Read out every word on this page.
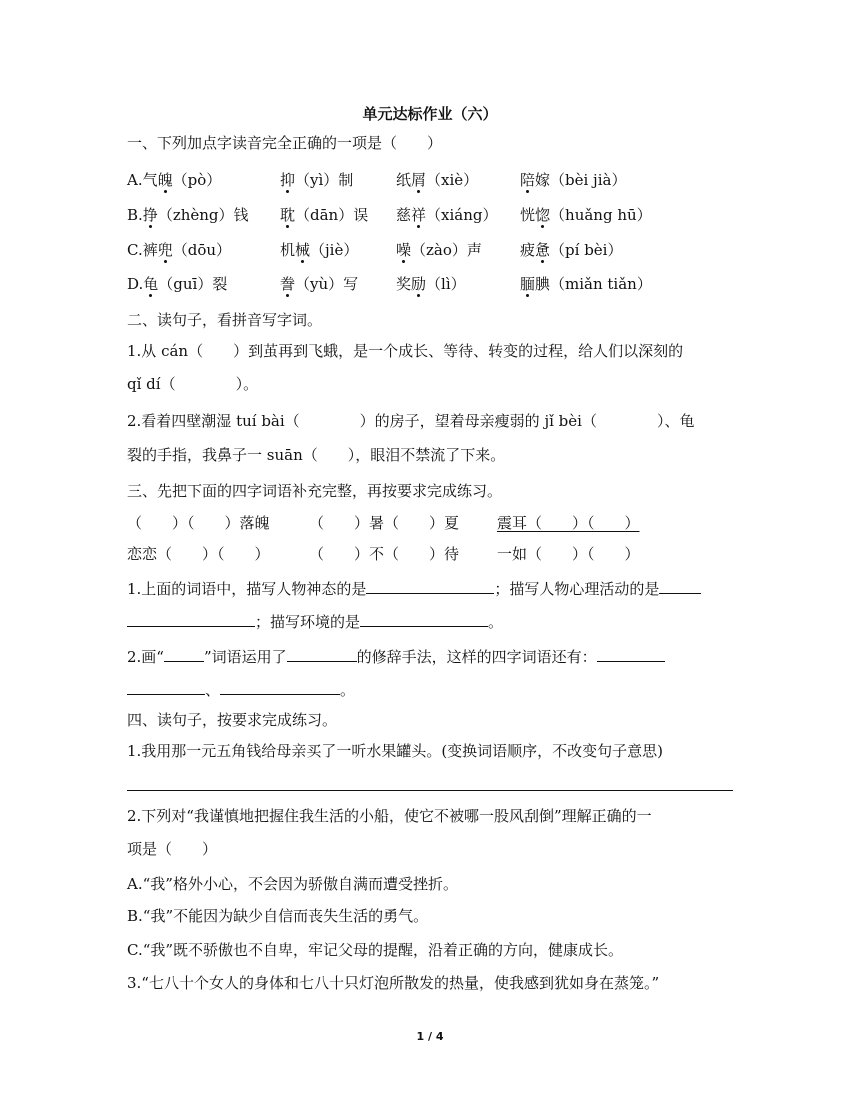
单元达标作业（六）
一、下列加点字读音完全正确的一项是（　　）
A.气魄（pò）	抑（yì）制	纸屑（xiè）	陪嫁（bèi jià）
B.挣（zhèng）钱 耽（dān）误 慈祥（xiáng） 恍惚（huǎng hū）
C.裤兜（dōu）	机械（jiè）	噪（zào）声	疲惫（pí bèi）
D.龟（guī）裂	誊（yù）写	奖励（lì）	腼腆（miǎn tiǎn）
二、读句子，看拼音写字词。
1.从 cán（　　）到茧再到飞蛾，是一个成长、等待、转变的过程，给人们以深刻的
qǐ dí（　　　　）。
2.看着四壁潮湿 tuí bài（　　　　）的房子，望着母亲瘦弱的 jǐ bèi（　　　　）、龟
裂的手指，我鼻子一 suān（　　），眼泪不禁流了下来。
三、先把下面的四字词语补充完整，再按要求完成练习。
（　　）（　　）落魄	（　　）暑（　　）夏	震耳（　　）（　　）
恋恋（　　）（　　）	（　　）不（　　）待	一如（　　）（　　）
1.上面的词语中，描写人物神态的是	；描写人物心理活动的是
；描写环境的是	。
2.画“	”词语运用了	的修辞手法，这样的四字词语还有：
、	。
四、读句子，按要求完成练习。
1.我用那一元五角钱给母亲买了一听水果罐头。(变换词语顺序，不改变句子意思)
2.下列对“我谨慎地把握住我生活的小船，使它不被哪一股风刮倒”理解正确的一
项是（　　）
A.“我”格外小心，不会因为骄傲自满而遭受挫折。
B.“我”不能因为缺少自信而丧失生活的勇气。
C.“我”既不骄傲也不自卑，牢记父母的提醒，沿着正确的方向，健康成长。
3.“七八十个女人的身体和七八十只灯泡所散发的热量，使我感到犹如身在蒸笼。”
1 / 4
